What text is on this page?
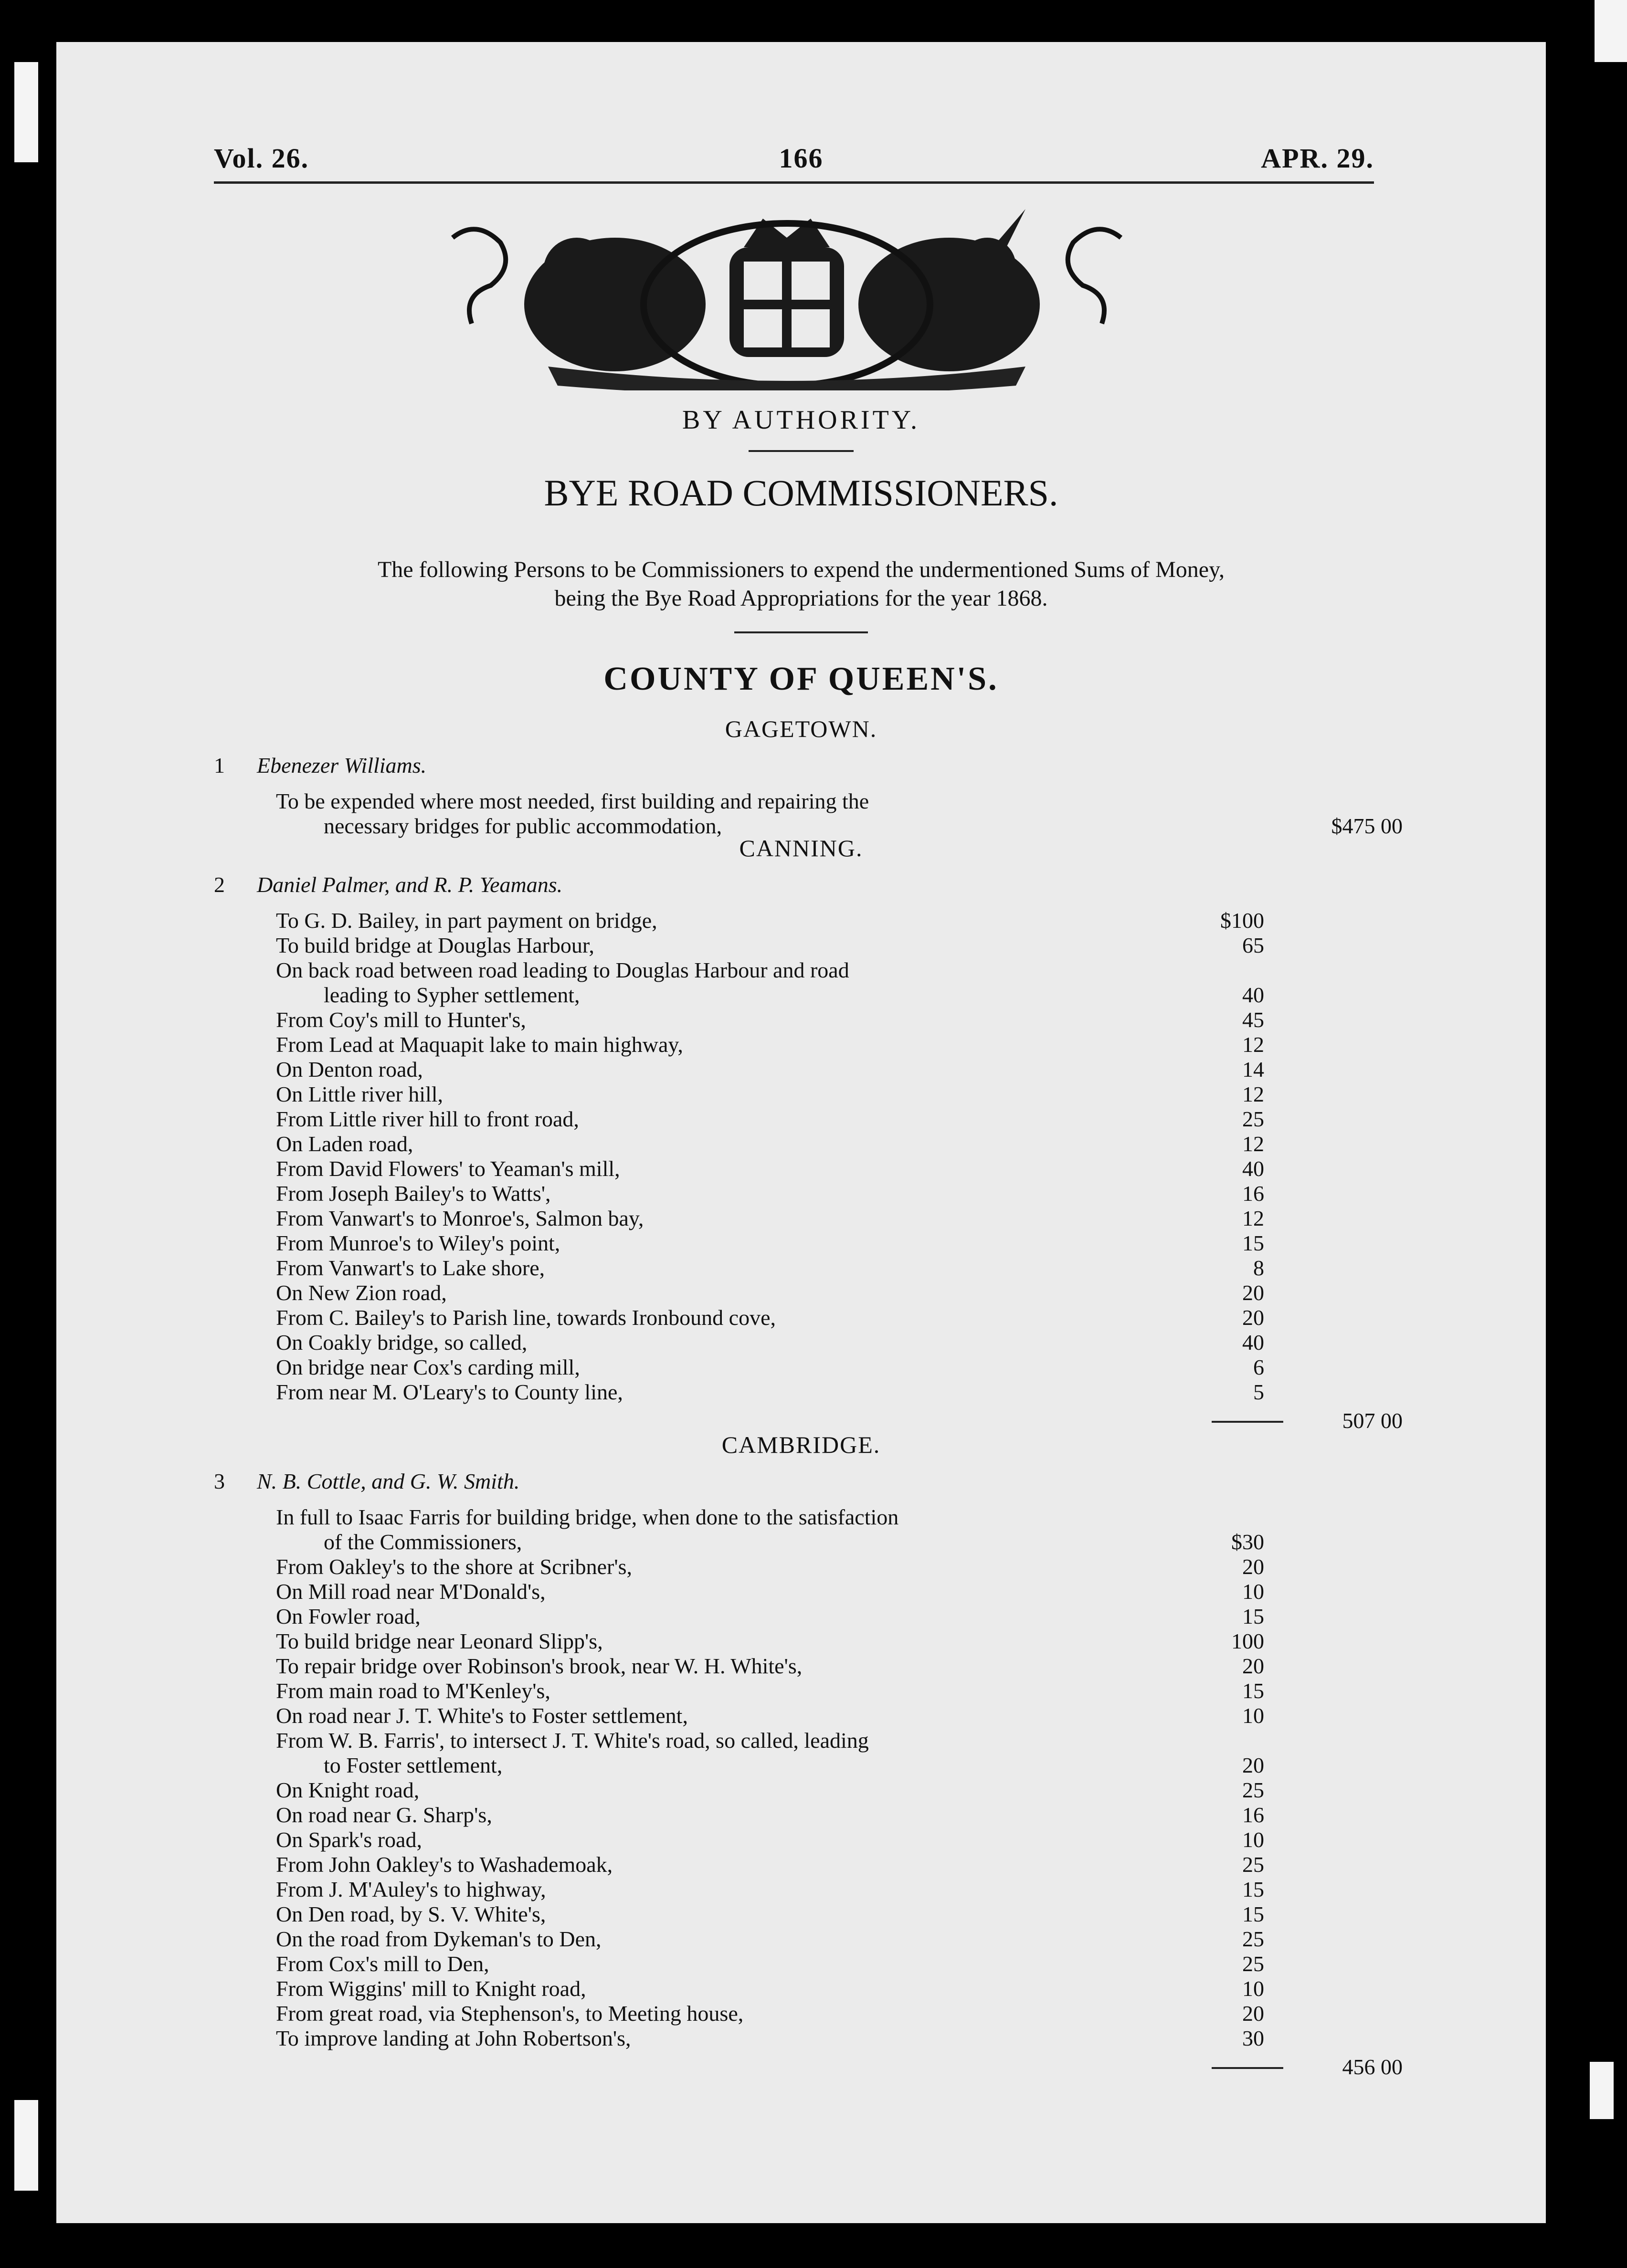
Vol. 26.	166	APR. 29.
BY AUTHORITY.
BYE ROAD COMMISSIONERS.
The following Persons to be Commissioners to expend the undermentioned Sums of Money,
being the Bye Road Appropriations for the year 1868.
COUNTY OF QUEEN'S.
GAGETOWN.
1 Ebenezer Williams.
To be expended where most needed, first building and repairing the
necessary bridges for public accommodation,	$475 00
CANNING.
2 Daniel Palmer, and R. P. Yeamans.
To G. D. Bailey, in part payment on bridge,	$100
To build bridge at Douglas Harbour,	65
On back road between road leading to Douglas Harbour and road
leading to Sypher settlement,	40
From Coy's mill to Hunter's,	45
From Lead at Maquapit lake to main highway,	12
On Denton road,	14
On Little river hill,	12
From Little river hill to front road,	25
On Laden road,	12
From David Flowers' to Yeaman's mill,	40
From Joseph Bailey's to Watts',	16
From Vanwart's to Monroe's, Salmon bay,	12
From Munroe's to Wiley's point,	15
From Vanwart's to Lake shore,	8
On New Zion road,	20
From C. Bailey's to Parish line, towards Ironbound cove,	20
On Coakly bridge, so called,	40
On bridge near Cox's carding mill,	6
From near M. O'Leary's to County line,	5
507 00
CAMBRIDGE.
3 N. B. Cottle, and G. W. Smith.
In full to Isaac Farris for building bridge, when done to the satisfaction
of the Commissioners,	$30
From Oakley's to the shore at Scribner's,	20
On Mill road near M'Donald's,	10
On Fowler road,	15
To build bridge near Leonard Slipp's,	100
To repair bridge over Robinson's brook, near W. H. White's,	20
From main road to M'Kenley's,	15
On road near J. T. White's to Foster settlement,	10
From W. B. Farris', to intersect J. T. White's road, so called, leading
to Foster settlement,	20
On Knight road,	25
On road near G. Sharp's,	16
On Spark's road,	10
From John Oakley's to Washademoak,	25
From J. M'Auley's to highway,	15
On Den road, by S. V. White's,	15
On the road from Dykeman's to Den,	25
From Cox's mill to Den,	25
From Wiggins' mill to Knight road,	10
From great road, via Stephenson's, to Meeting house,	20
To improve landing at John Robertson's,	30
456 00
